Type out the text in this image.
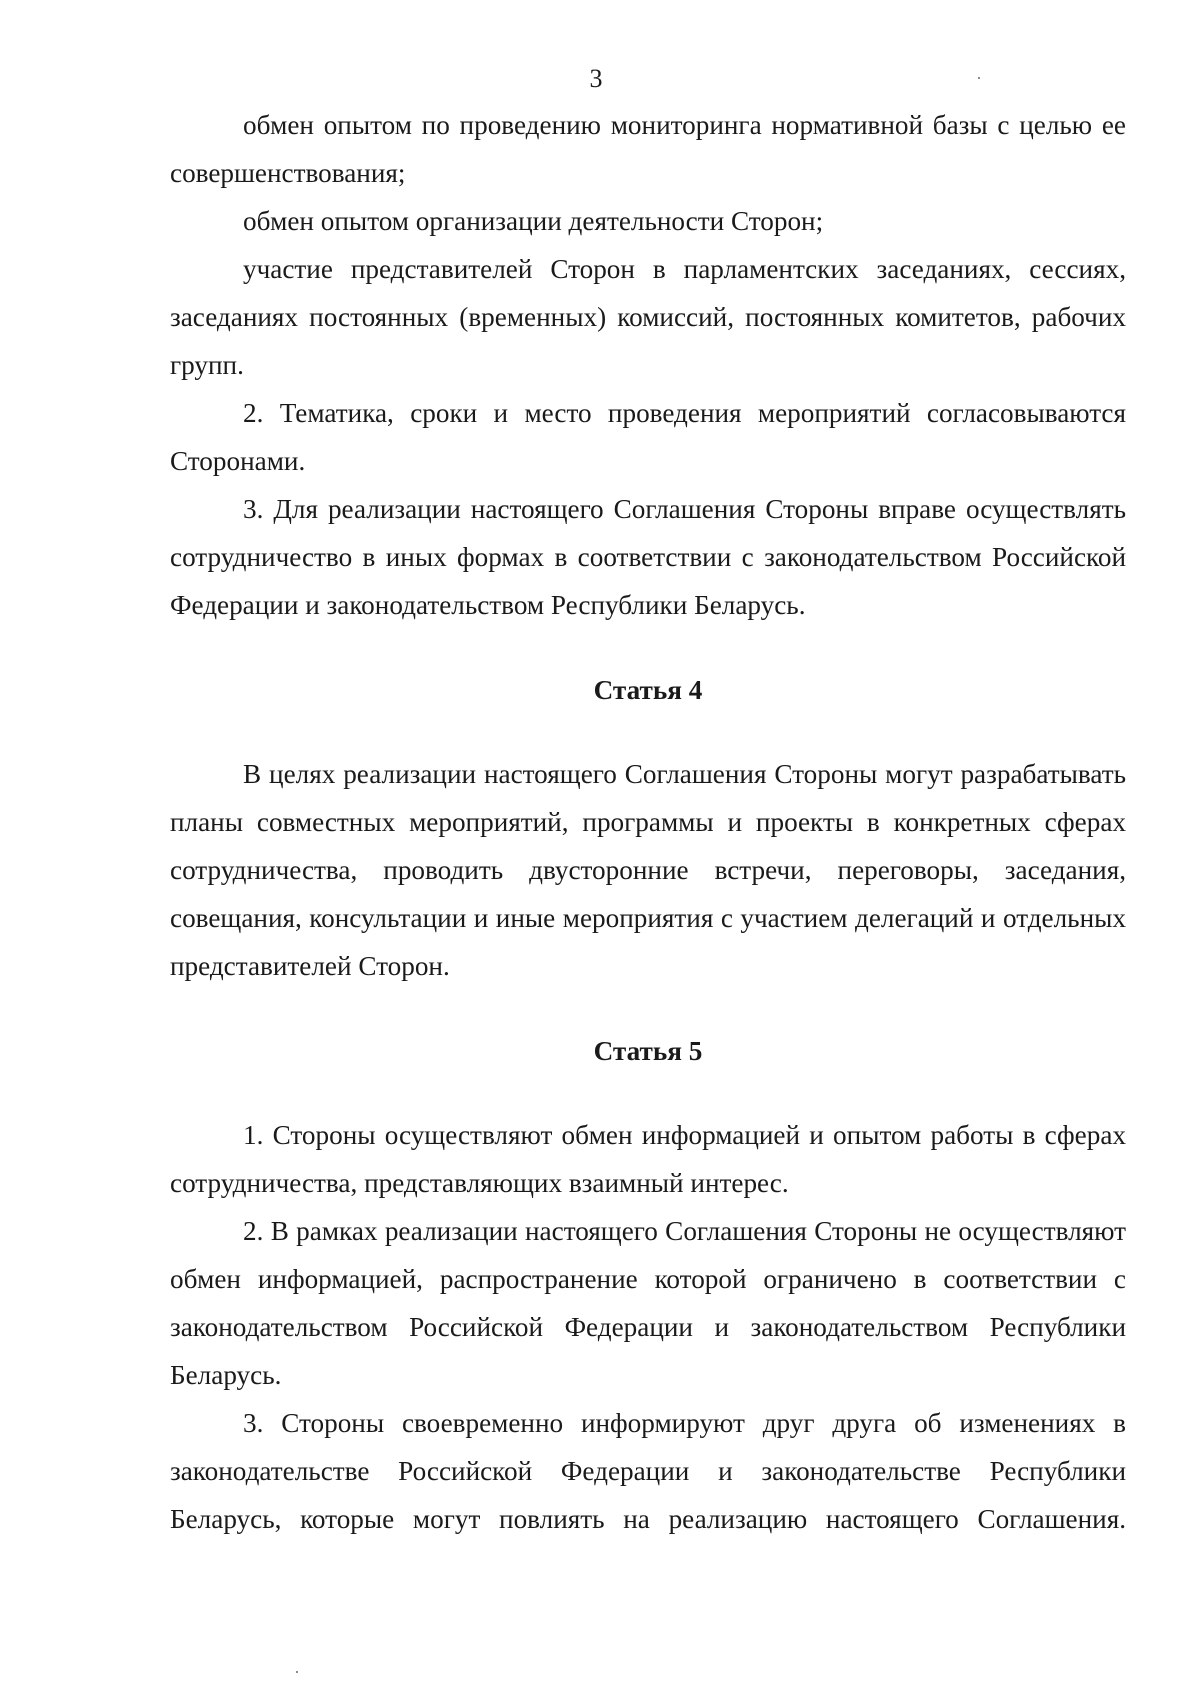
3

обмен опытом по проведению мониторинга нормативной базы с целью ее совершенствования;

обмен опытом организации деятельности Сторон;

участие представителей Сторон в парламентских заседаниях, сессиях, заседаниях постоянных (временных) комиссий, постоянных комитетов, рабочих групп.

2. Тематика, сроки и место проведения мероприятий согласовываются Сторонами.

3. Для реализации настоящего Соглашения Стороны вправе осуществлять сотрудничество в иных формах в соответствии с законодательством Российской Федерации и законодательством Республики Беларусь.

Статья 4

В целях реализации настоящего Соглашения Стороны могут разрабатывать планы совместных мероприятий, программы и проекты в конкретных сферах сотрудничества, проводить двусторонние встречи, переговоры, заседания, совещания, консультации и иные мероприятия с участием делегаций и отдельных представителей Сторон.

Статья 5

1. Стороны осуществляют обмен информацией и опытом работы в сферах сотрудничества, представляющих взаимный интерес.

2. В рамках реализации настоящего Соглашения Стороны не осуществляют обмен информацией, распространение которой ограничено в соответствии с законодательством Российской Федерации и законодательством Республики Беларусь.

3. Стороны своевременно информируют друг друга об изменениях в законодательстве Российской Федерации и законодательстве Республики Беларусь, которые могут повлиять на реализацию настоящего Соглашения.
